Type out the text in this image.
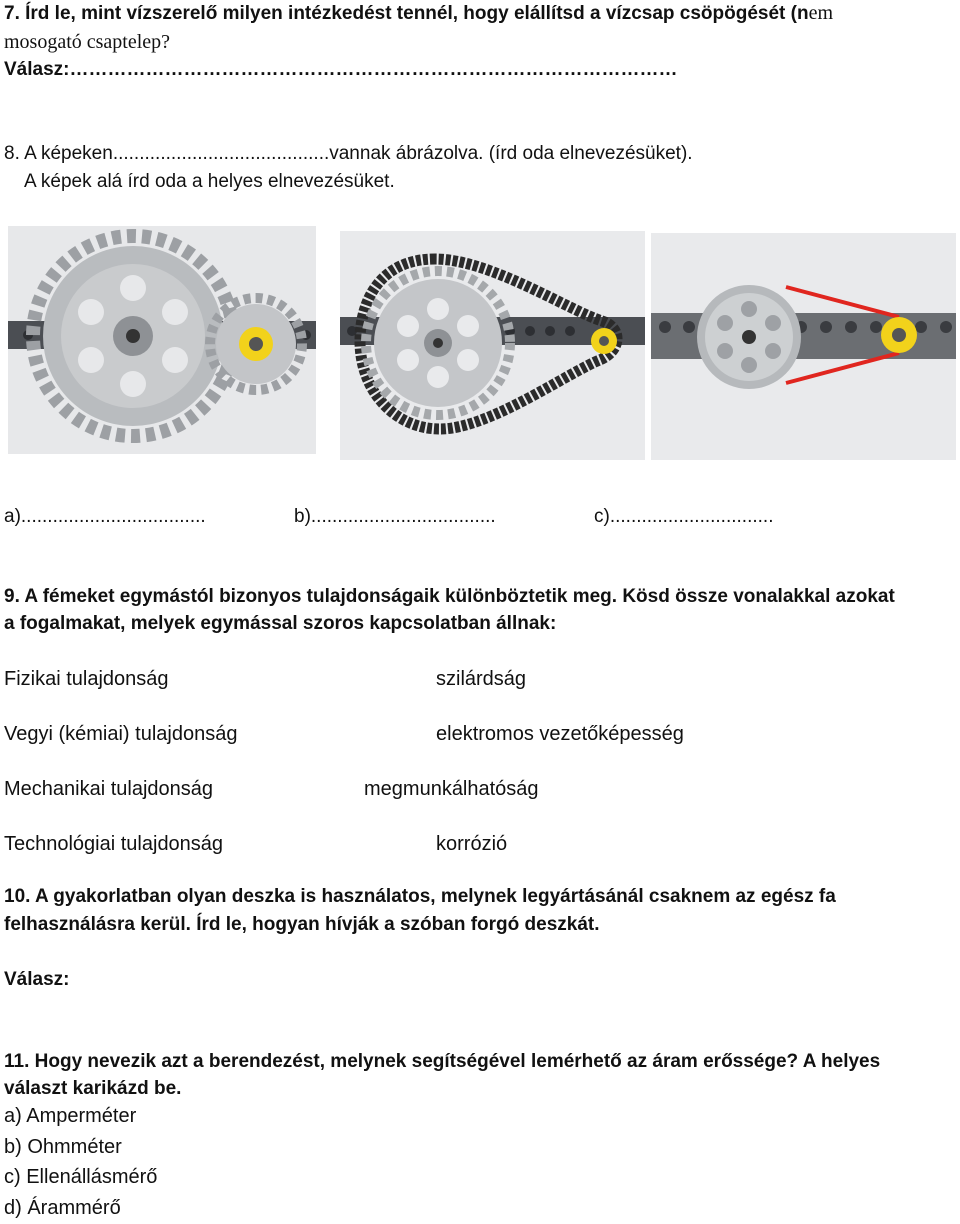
7. Írd le, mint vízszerelő milyen intézkedést tennél, hogy elállítsd a vízcsap csöpögését (nem
mosogató csaptelep?
Válasz:……………………………………………………………………………………
8. A képeken.........................................vannak ábrázolva. (írd oda elnevezésüket).
A képek alá írd oda a helyes elnevezésüket.
a)...................................	b)...................................	c)...............................
9. A fémeket egymástól bizonyos tulajdonságaik különböztetik meg. Kösd össze vonalakkal azokat
a fogalmakat, melyek egymással szoros kapcsolatban állnak:
Fizikai tulajdonság
Vegyi (kémiai) tulajdonság
Mechanikai tulajdonság
Technológiai tulajdonság
szilárdság
elektromos vezetőképesség
megmunkálhatóság
korrózió
10. A gyakorlatban olyan deszka is használatos, melynek legyártásánál csaknem az egész fa
felhasználásra kerül. Írd le, hogyan hívják a szóban forgó deszkát.
Válasz:
11. Hogy nevezik azt a berendezést, melynek segítségével lemérhető az áram erőssége? A helyes
választ karikázd be.
a) Amperméter
b) Ohmméter
c) Ellenállásmérő
d) Árammérő
